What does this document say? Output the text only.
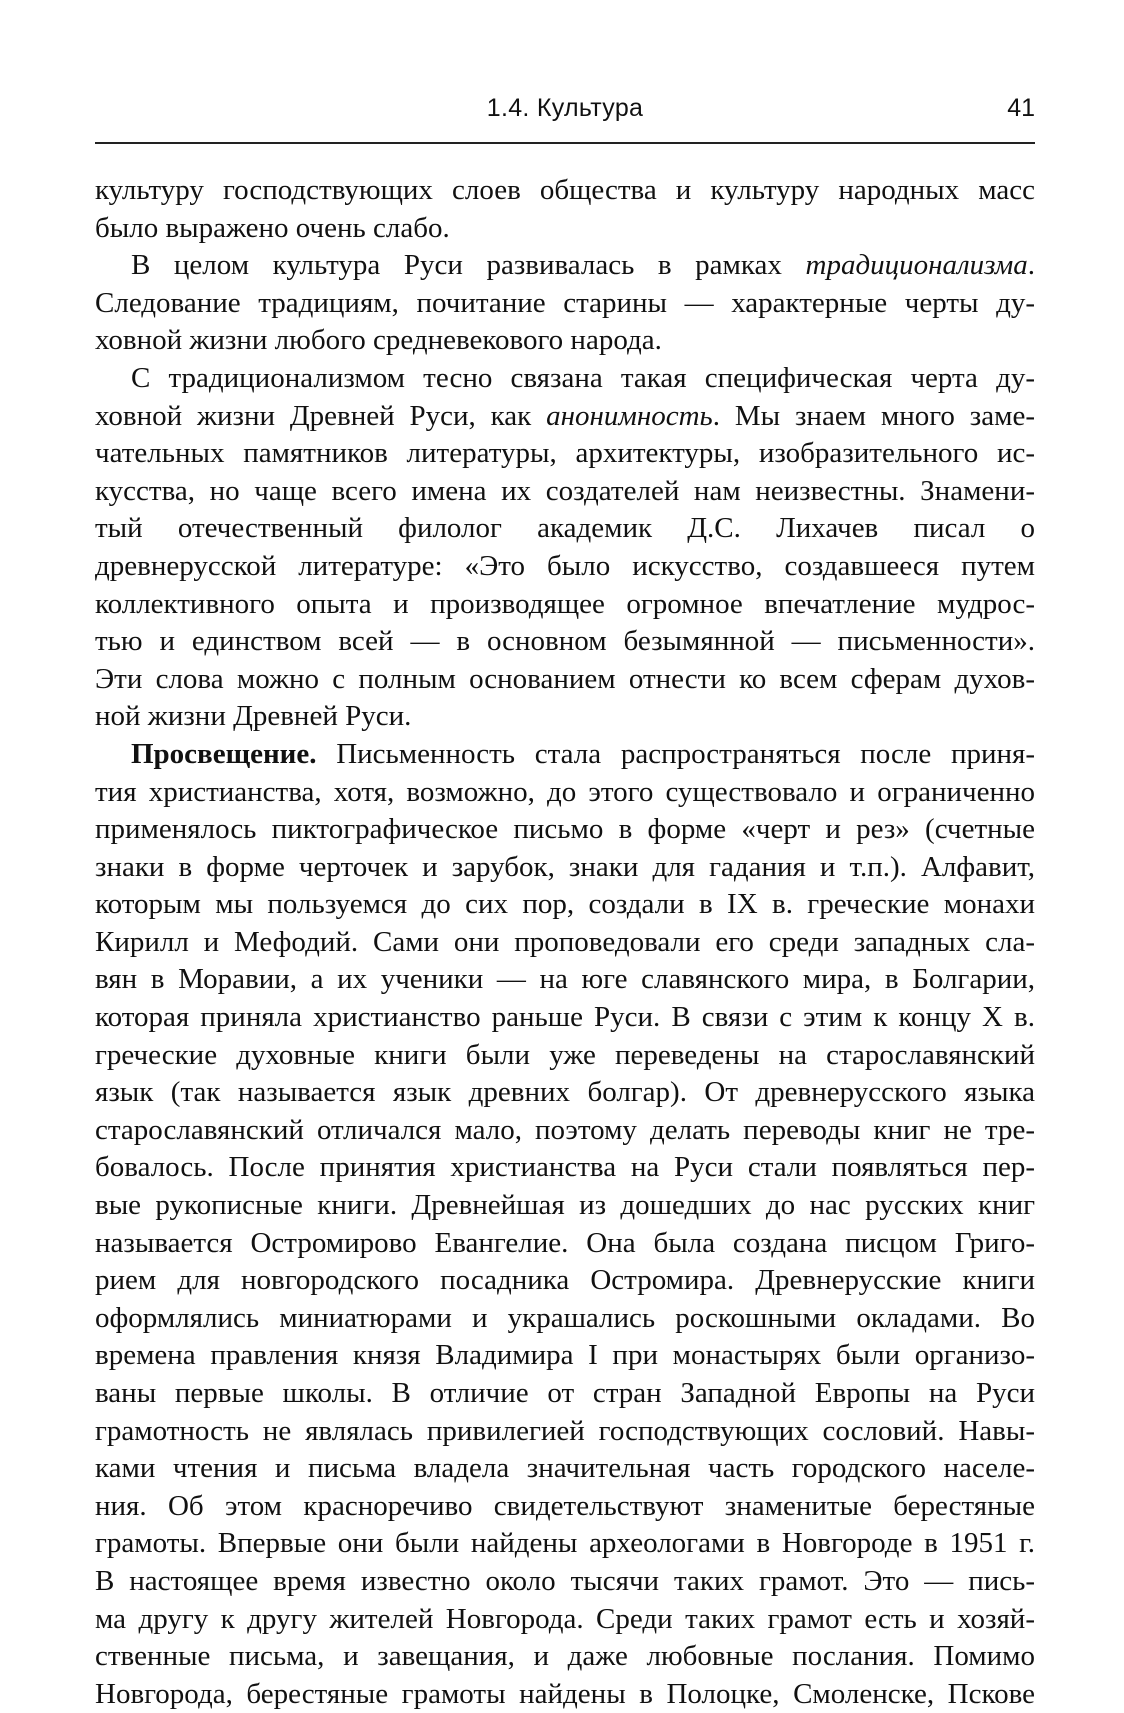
1.4. Культура	41
культуру господствующих слоев общества и культуру народных масс
было выражено очень слабо.
В целом культура Руси развивалась в рамках традиционализма.
Следование традициям, почитание старины — характерные черты ду-
ховной жизни любого средневекового народа.
С традиционализмом тесно связана такая специфическая черта ду-
ховной жизни Древней Руси, как анонимность. Мы знаем много заме-
чательных памятников литературы, архитектуры, изобразительного ис-
кусства, но чаще всего имена их создателей нам неизвестны. Знамени-
тый отечественный филолог академик Д.С. Лихачев писал о
древнерусской литературе: «Это было искусство, создавшееся путем
коллективного опыта и производящее огромное впечатление мудрос-
тью и единством всей — в основном безымянной — письменности».
Эти слова можно с полным основанием отнести ко всем сферам духов-
ной жизни Древней Руси.
Просвещение. Письменность стала распространяться после приня-
тия христианства, хотя, возможно, до этого существовало и ограниченно
применялось пиктографическое письмо в форме «черт и рез» (счетные
знаки в форме черточек и зарубок, знаки для гадания и т.п.). Алфавит,
которым мы пользуемся до сих пор, создали в IX в. греческие монахи
Кирилл и Мефодий. Сами они проповедовали его среди западных сла-
вян в Моравии, а их ученики — на юге славянского мира, в Болгарии,
которая приняла христианство раньше Руси. В связи с этим к концу X в.
греческие духовные книги были уже переведены на старославянский
язык (так называется язык древних болгар). От древнерусского языка
старославянский отличался мало, поэтому делать переводы книг не тре-
бовалось. После принятия христианства на Руси стали появляться пер-
вые рукописные книги. Древнейшая из дошедших до нас русских книг
называется Остромирово Евангелие. Она была создана писцом Григо-
рием для новгородского посадника Остромира. Древнерусские книги
оформлялись миниатюрами и украшались роскошными окладами. Во
времена правления князя Владимира I при монастырях были организо-
ваны первые школы. В отличие от стран Западной Европы на Руси
грамотность не являлась привилегией господствующих сословий. Навы-
ками чтения и письма владела значительная часть городского населе-
ния. Об этом красноречиво свидетельствуют знаменитые берестяные
грамоты. Впервые они были найдены археологами в Новгороде в 1951 г.
В настоящее время известно около тысячи таких грамот. Это — пись-
ма другу к другу жителей Новгорода. Среди таких грамот есть и хозяй-
ственные письма, и завещания, и даже любовные послания. Помимо
Новгорода, берестяные грамоты найдены в Полоцке, Смоленске, Пскове
